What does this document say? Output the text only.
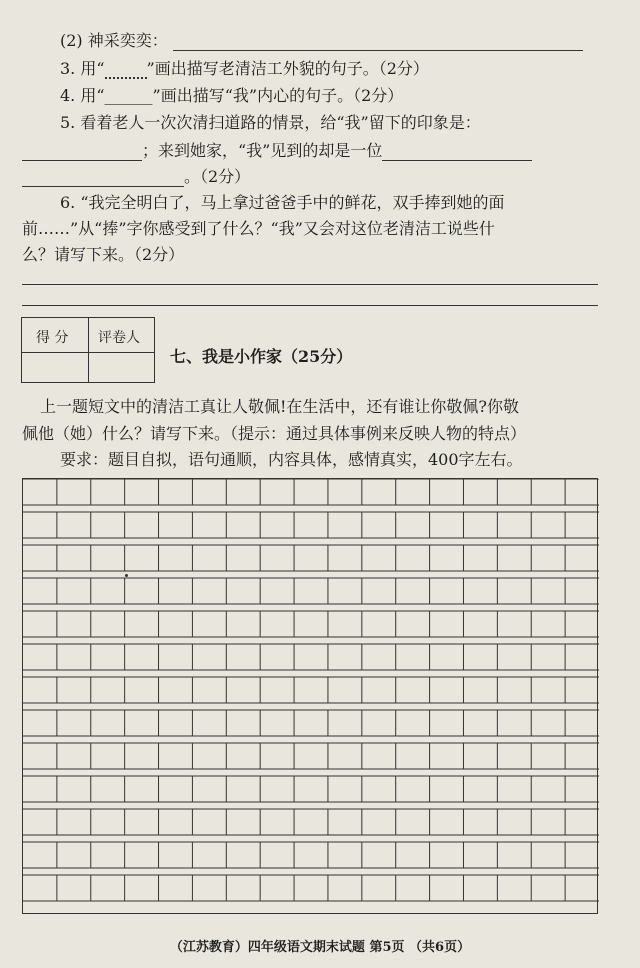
(2) 神采奕奕：
3. 用“	”画出描写老清洁工外貌的句子。（2分）
4. 用“______”画出描写“我”内心的句子。（2分）
5. 看着老人一次次清扫道路的情景，给“我”留下的印象是：
；来到她家，“我”见到的却是一位
。（2分）
6. “我完全明白了，马上拿过爸爸手中的鲜花，双手捧到她的面
前……”从“捧”字你感受到了什么？“我”又会对这位老清洁工说些什
么？请写下来。（2分）
得 分 评卷人
七、我是小作家（25分）
上一题短文中的清洁工真让人敬佩!在生活中，还有谁让你敬佩?你敬
佩他（她）什么？请写下来。（提示：通过具体事例来反映人物的特点）
要求：题目自拟，语句通顺，内容具体，感情真实，400字左右。
（江苏教育）四年级语文期末试题 第5页 （共6页）
